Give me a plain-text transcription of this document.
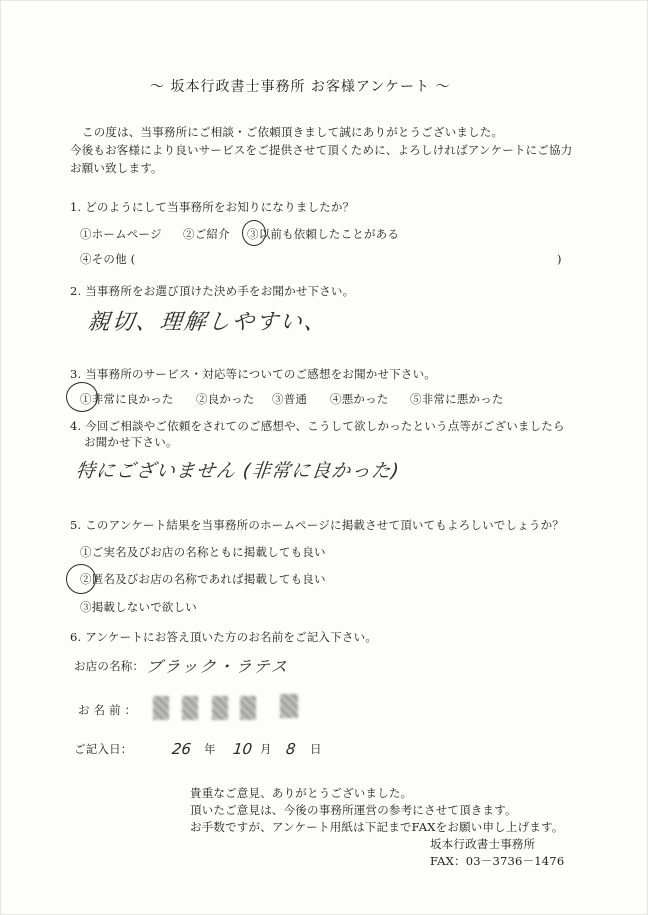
〜 坂本行政書士事務所 お客様アンケート 〜
この度は、当事務所にご相談・ご依頼頂きまして誠にありがとうございました。
今後もお客様により良いサービスをご提供させて頂くために、よろしければアンケートにご協力
お願い致します。
1. どのようにして当事務所をお知りになりましたか？
①ホームページ ②ご紹介 ③以前も依頼したことがある
④その他 (	)
2. 当事務所をお選び頂けた決め手をお聞かせ下さい。
親切、理解しやすい、
3. 当事務所のサービス・対応等についてのご感想をお聞かせ下さい。
①非常に良かった ②良かった ③普通 ④悪かった ⑤非常に悪かった
4. 今回ご相談やご依頼をされてのご感想や、こうして欲しかったという点等がございましたら
お聞かせ下さい。
特にございません (非常に良かった)
5. このアンケート結果を当事務所のホームページに掲載させて頂いてもよろしいでしょうか？
①ご実名及びお店の名称ともに掲載しても良い
②匿名及びお店の名称であれば掲載しても良い
③掲載しないで欲しい
6. アンケートにお答え頂いた方のお名前をご記入下さい。
お店の名称： ブラック・ラテス
お 名 前 ：
ご記入日：	26 年 10 月 8 日
貴重なご意見、ありがとうございました。
頂いたご意見は、今後の事務所運営の参考にさせて頂きます。
お手数ですが、アンケート用紙は下記までFAXをお願い申し上げます。
坂本行政書士事務所
FAX：03－3736－1476
